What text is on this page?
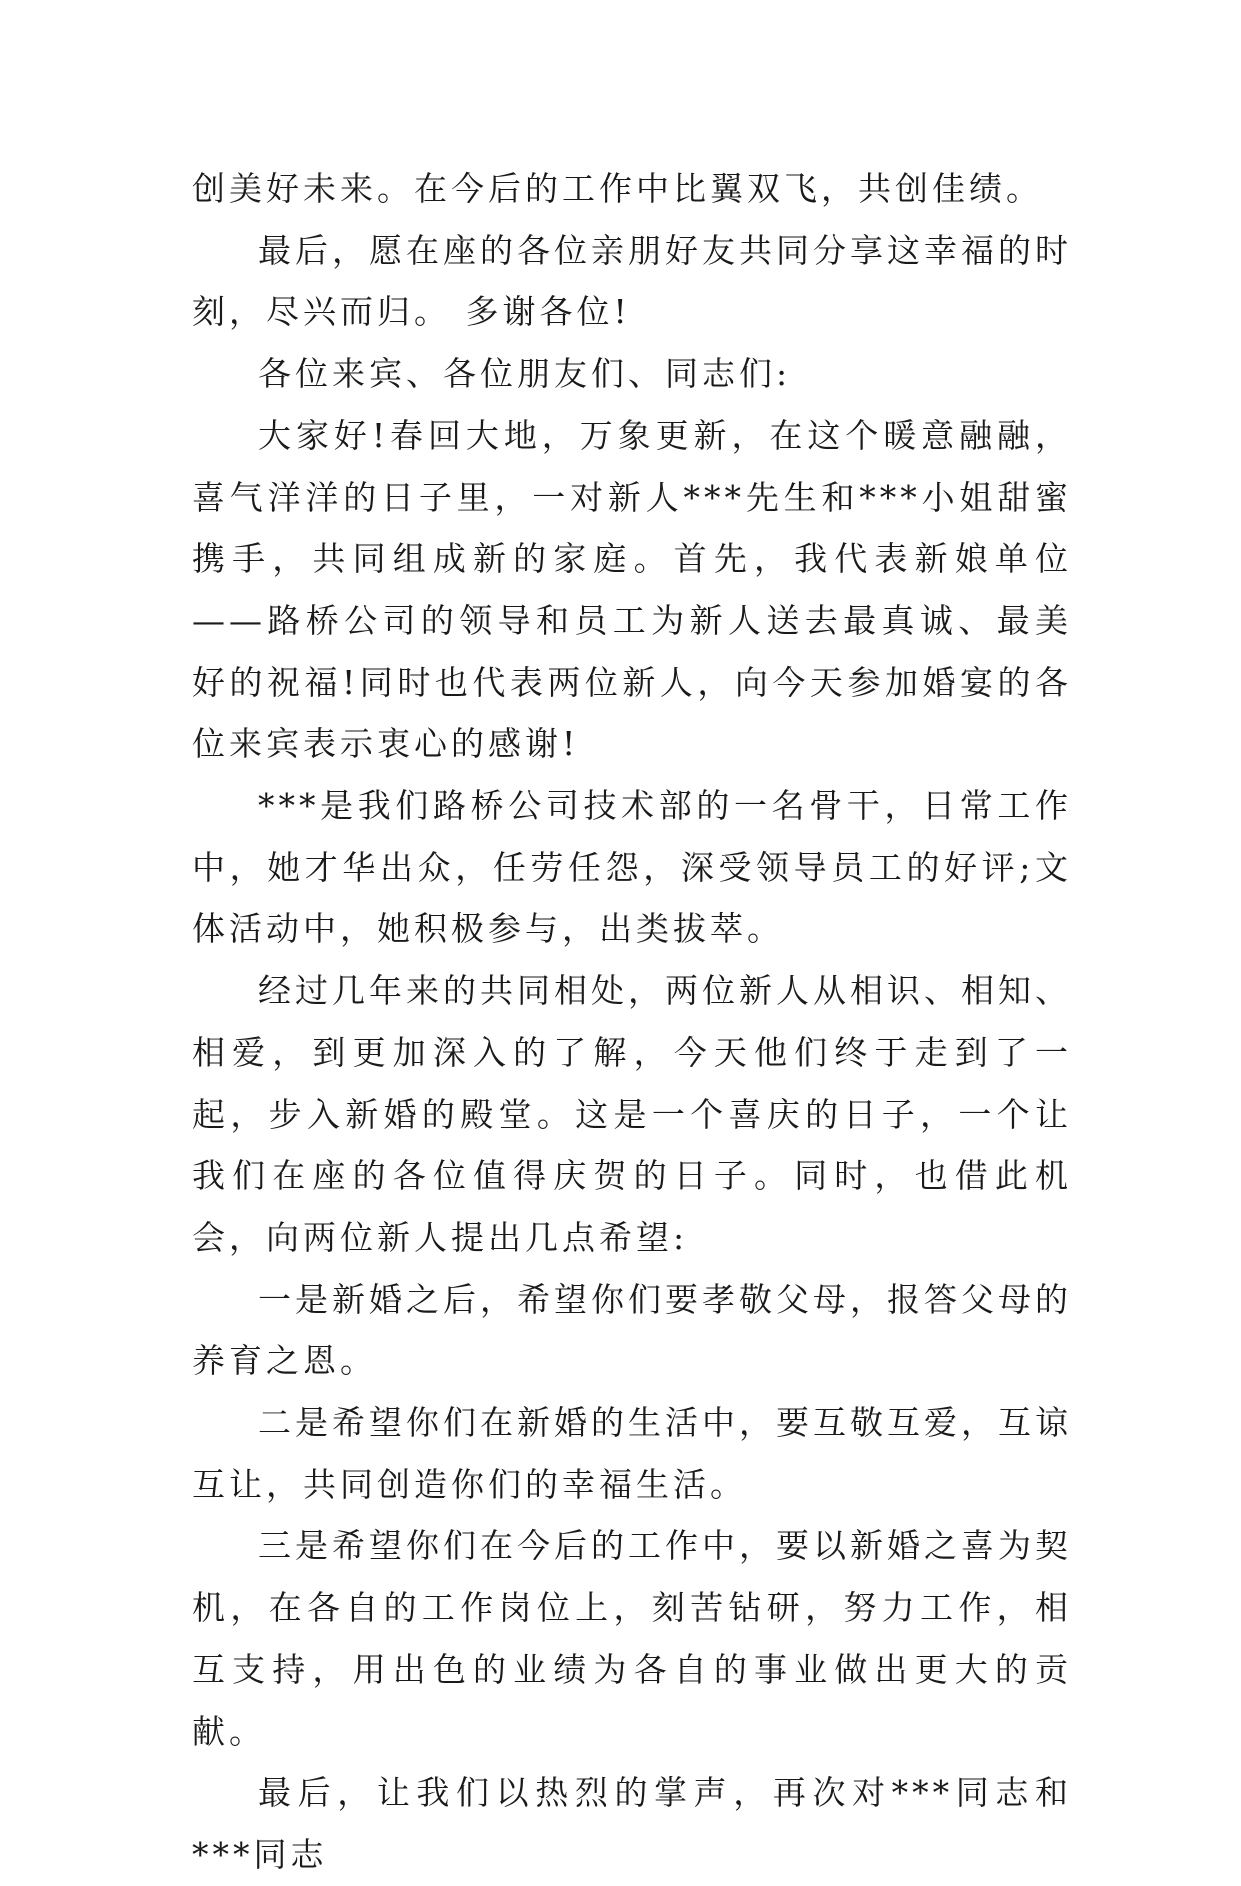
创美好未来。在今后的工作中比翼双飞，共创佳绩。

最后，愿在座的各位亲朋好友共同分享这幸福的时刻，尽兴而归。 多谢各位!

各位来宾、各位朋友们、同志们:

大家好!春回大地，万象更新，在这个暖意融融，喜气洋洋的日子里，一对新人***先生和***小姐甜蜜携手，共同组成新的家庭。首先，我代表新娘单位——路桥公司的领导和员工为新人送去最真诚、最美好的祝福!同时也代表两位新人，向今天参加婚宴的各位来宾表示衷心的感谢!

***是我们路桥公司技术部的一名骨干，日常工作中，她才华出众，任劳任怨，深受领导员工的好评;文体活动中，她积极参与，出类拔萃。

经过几年来的共同相处，两位新人从相识、相知、相爱，到更加深入的了解，今天他们终于走到了一起，步入新婚的殿堂。这是一个喜庆的日子，一个让我们在座的各位值得庆贺的日子。同时，也借此机会，向两位新人提出几点希望:

一是新婚之后，希望你们要孝敬父母，报答父母的养育之恩。

二是希望你们在新婚的生活中，要互敬互爱，互谅互让，共同创造你们的幸福生活。

三是希望你们在今后的工作中，要以新婚之喜为契机，在各自的工作岗位上，刻苦钻研，努力工作，相互支持，用出色的业绩为各自的事业做出更大的贡献。

最后，让我们以热烈的掌声，再次对***同志和***同志
